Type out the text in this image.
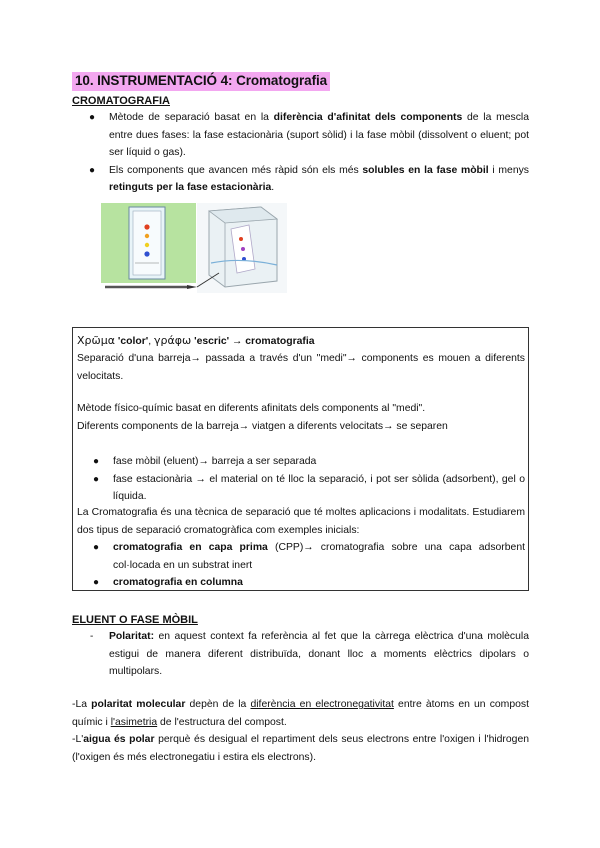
10. INSTRUMENTACIÓ 4: Cromatografia
CROMATOGRAFIA
● Mètode de separació basat en la diferència d'afinitat dels components de la mescla entre dues fases: la fase estacionària (suport sòlid) i la fase mòbil (dissolvent o eluent; pot ser líquid o gas).
● Els components que avancen més ràpid són els més solubles en la fase mòbil i menys retinguts per la fase estacionària.

Χρῶμα 'color', γράφω 'escric' → cromatografia

Separació d'una barreja→ passada a través d'un "medi"→ components es mouen a diferents velocitats.

Mètode físico-químic basat en diferents afinitats dels components al "medi".

Diferents components de la barreja→ viatgen a diferents velocitats→ se separen

● fase mòbil (eluent)→ barreja a ser separada
● fase estacionària → el material on té lloc la separació, i pot ser sòlida (adsorbent), gel o líquida.

La Cromatografia és una tècnica de separació que té moltes aplicacions i modalitats. Estudiarem dos tipus de separació cromatogràfica com exemples inicials:

● cromatografia en capa prima (CPP)→ cromatografia sobre una capa adsorbent col·locada en un substrat inert
● cromatografia en columna
ELUENT O FASE MÒBIL
- Polaritat: en aquest context fa referència al fet que la càrrega elèctrica d'una molècula estigui de manera diferent distribuïda, donant lloc a moments elèctrics dipolars o multipolars.

-La polaritat molecular depèn de la diferència en electronegativitat entre àtoms en un compost químic i l'asimetria de l'estructura del compost.

-L'aigua és polar perquè és desigual el repartiment dels seus electrons entre l'oxigen i l'hidrogen (l'oxigen és més electronegatiu i estira els electrons).
